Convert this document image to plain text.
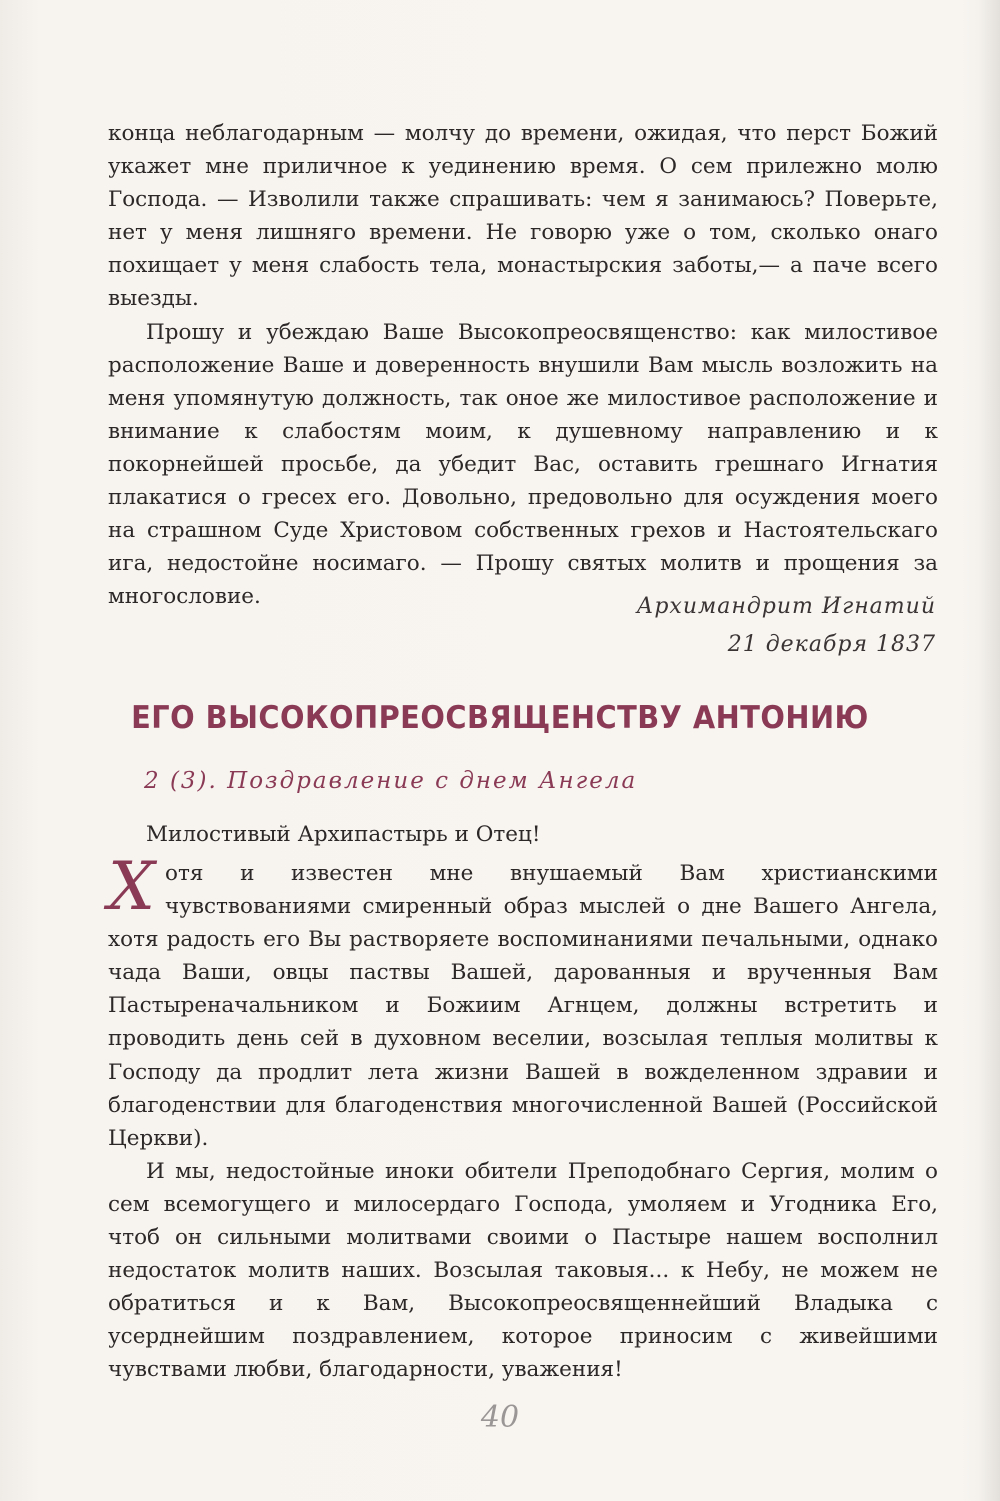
конца неблагодарным — молчу до времени, ожидая, что перст Божий укажет мне приличное к уединению время. О сем прилежно молю Господа. — Изволили также спрашивать: чем я занимаюсь? Поверьте, нет у меня лишняго времени. Не говорю уже о том, сколько онаго похищает у меня слабость тела, монастырския заботы,— а паче всего выезды.

Прошу и убеждаю Ваше Высокопреосвященство: как милостивое расположение Ваше и доверенность внушили Вам мысль возложить на меня упомянутую должность, так оное же милостивое расположение и внимание к слабостям моим, к душевному направлению и к покорнейшей просьбе, да убедит Вас, оставить грешнаго Игнатия плакатися о гресех его. Довольно, предовольно для осуждения моего на страшном Суде Христовом собственных грехов и Настоятельскаго ига, недостойне носимаго. — Прошу святых молитв и прощения за многословие.	Архимандрит Игнатий
21 декабря 1837
ЕГО ВЫСОКОПРЕОСВЯЩЕНСТВУ АНТОНИЮ
2 (3). Поздравление с днем Ангела
Милостивый Архипастырь и Отец!

Хотя и известен мне внушаемый Вам христианскими чувствованиями смиренный образ мыслей о дне Вашего Ангела, хотя радость его Вы растворяете воспоминаниями печальными, однако чада Ваши, овцы паствы Вашей, дарованныя и врученныя Вам Пастыреначальником и Божиим Агнцем, должны встретить и проводить день сей в духовном веселии, возсылая теплыя молитвы к Господу да продлит лета жизни Вашей в вожделенном здравии и благоденствии для благоденствия многочисленной Вашей (Российской Церкви).

И мы, недостойные иноки обители Преподобнаго Сергия, молим о сем всемогущего и милосердаго Господа, умоляем и Угодника Его, чтоб он сильными молитвами своими о Пастыре нашем восполнил недостаток молитв наших. Возсылая таковыя... к Небу, не можем не обратиться и к Вам, Высокопреосвященнейший Владыка с усерднейшим поздравлением, которое приносим с живейшими чувствами любви, благодарности, уважения!

40
